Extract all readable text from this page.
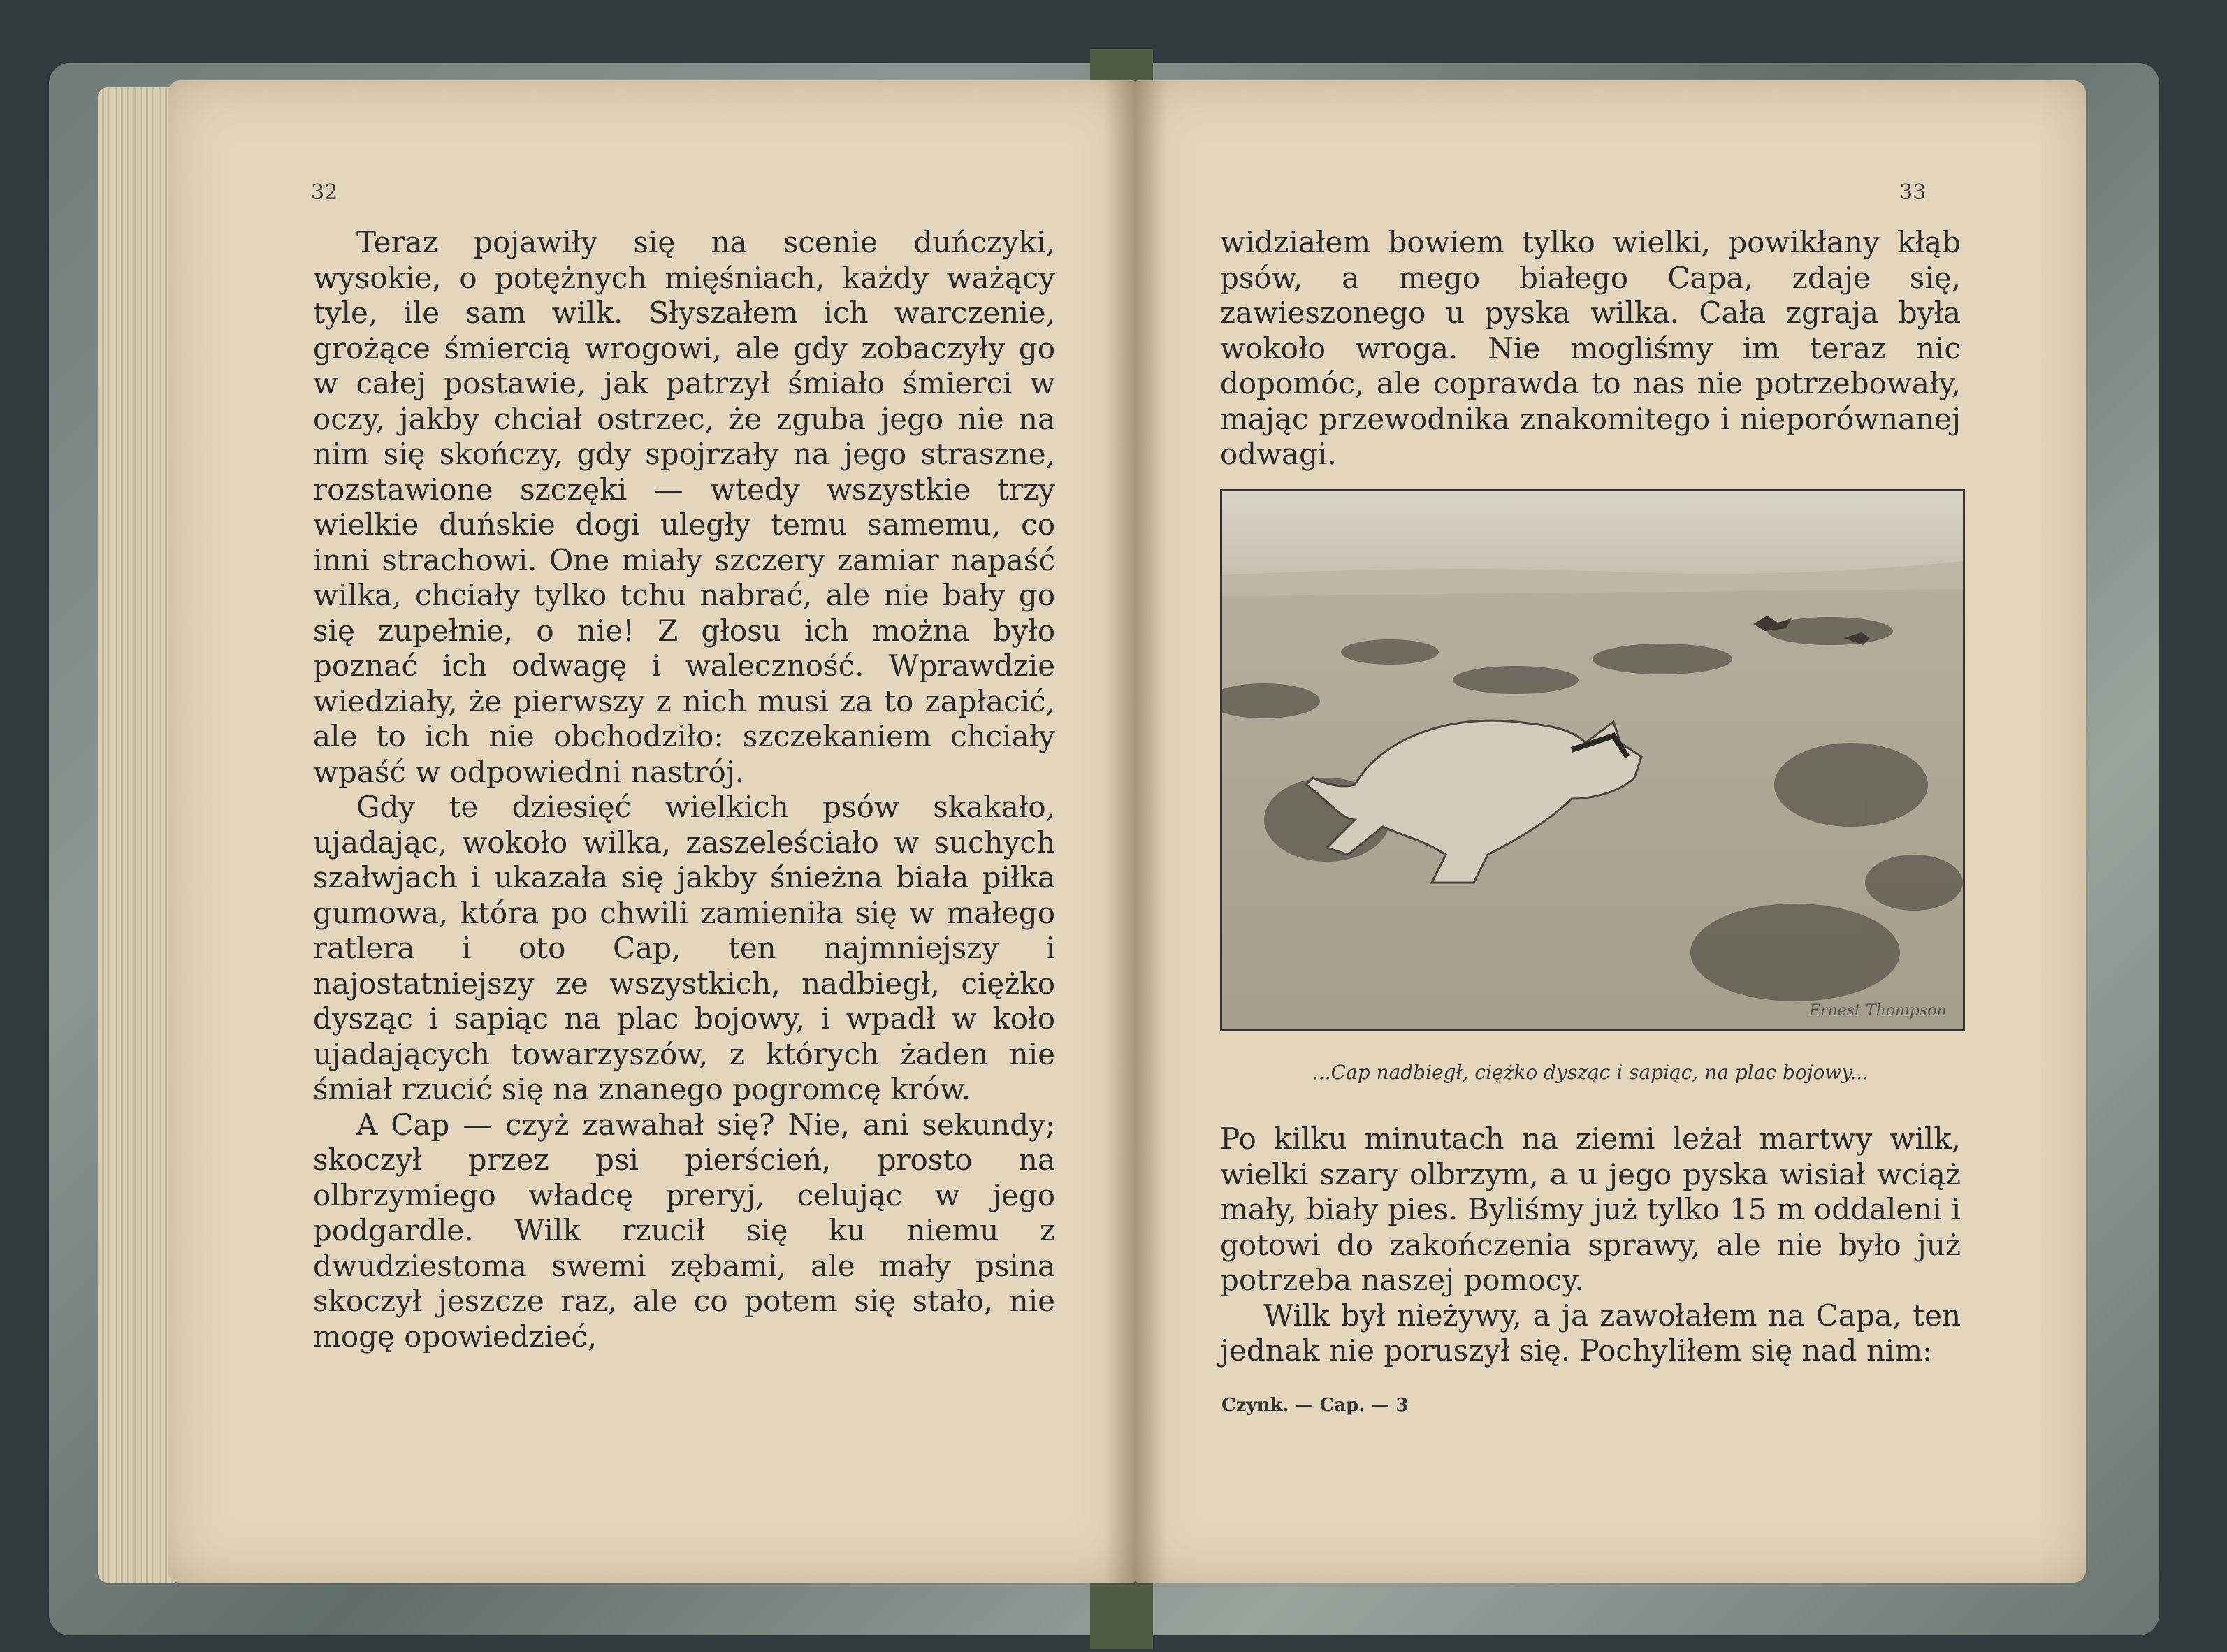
32	33

Teraz pojawiły się na scenie duńczyki, wysokie, o potężnych mięśniach, każdy ważący tyle, ile sam wilk. Słyszałem ich warczenie, grożące śmiercią wrogowi, ale gdy zobaczyły go w całej postawie, jak patrzył śmiało śmierci w oczy, jakby chciał ostrzec, że zguba jego nie na nim się skończy, gdy spojrzały na jego straszne, rozstawione szczęki — wtedy wszystkie trzy wielkie duńskie dogi uległy temu samemu, co inni strachowi. One miały szczery zamiar napaść wilka, chciały tylko tchu nabrać, ale nie bały go się zupełnie, o nie! Z głosu ich można było poznać ich odwagę i waleczność. Wprawdzie wiedziały, że pierwszy z nich musi za to zapłacić, ale to ich nie obchodziło: szczekaniem chciały wpaść w odpowiedni nastrój.

Gdy te dziesięć wielkich psów skakało, ujadając, wokoło wilka, zaszeleściało w suchych szałwjach i ukazała się jakby śnieżna biała piłka gumowa, która po chwili zamieniła się w małego ratlera i oto Cap, ten najmniejszy i najostatniejszy ze wszystkich, nadbiegł, ciężko dysząc i sapiąc na plac bojowy, i wpadł w koło ujadających towarzyszów, z których żaden nie śmiał rzucić się na znanego pogromcę krów.

A Cap — czyż zawahał się? Nie, ani sekundy; skoczył przez psi pierścień, prosto na olbrzymiego władcę preryj, celując w jego podgardle. Wilk rzucił się ku niemu z dwudziestoma swemi zębami, ale mały psina skoczył jeszcze raz, ale co potem się stało, nie mogę opowiedzieć,

widziałem bowiem tylko wielki, powikłany kłąb psów, a mego białego Capa, zdaje się, zawieszonego u pyska wilka. Cała zgraja była wokoło wroga. Nie mogliśmy im teraz nic dopomóc, ale coprawda to nas nie potrzebowały, mając przewodnika znakomitego i nieporównanej odwagi.

Ernest Thompson
...Cap nadbiegł, ciężko dysząc i sapiąc, na plac bojowy...

Po kilku minutach na ziemi leżał martwy wilk, wielki szary olbrzym, a u jego pyska wisiał wciąż mały, biały pies. Byliśmy już tylko 15 m oddaleni i gotowi do zakończenia sprawy, ale nie było już potrzeba naszej pomocy.

Wilk był nieżywy, a ja zawołałem na Capa, ten jednak nie poruszył się. Pochyliłem się nad nim:

Czynk. — Cap. — 3
